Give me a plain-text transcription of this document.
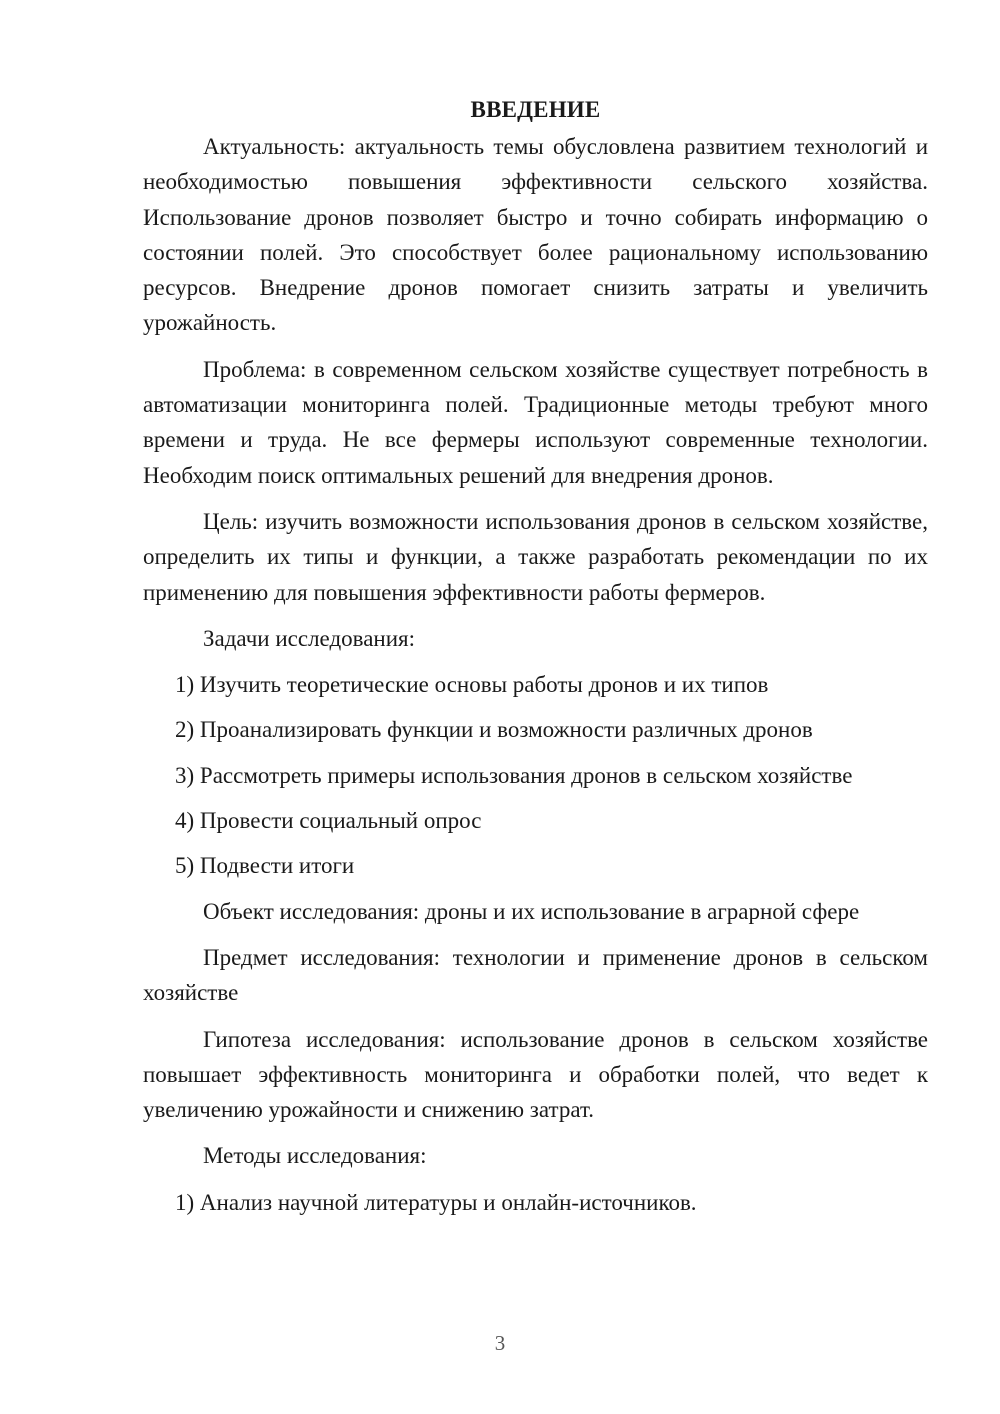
ВВЕДЕНИЕ

Актуальность: актуальность темы обусловлена развитием технологий и необходимостью повышения эффективности сельского хозяйства. Использование дронов позволяет быстро и точно собирать информацию о состоянии полей. Это способствует более рациональному использованию ресурсов. Внедрение дронов помогает снизить затраты и увеличить урожайность.

Проблема: в современном сельском хозяйстве существует потребность в автоматизации мониторинга полей. Традиционные методы требуют много времени и труда. Не все фермеры используют современные технологии. Необходим поиск оптимальных решений для внедрения дронов.

Цель: изучить возможности использования дронов в сельском хозяйстве, определить их типы и функции, а также разработать рекомендации по их применению для повышения эффективности работы фермеров.

Задачи исследования:

1) Изучить теоретические основы работы дронов и их типов
2) Проанализировать функции и возможности различных дронов
3) Рассмотреть примеры использования дронов в сельском хозяйстве
4) Провести социальный опрос
5) Подвести итоги

Объект исследования: дроны и их использование в аграрной сфере

Предмет исследования: технологии и применение дронов в сельском хозяйстве

Гипотеза исследования: использование дронов в сельском хозяйстве повышает эффективность мониторинга и обработки полей, что ведет к увеличению урожайности и снижению затрат.

Методы исследования:

1) Анализ научной литературы и онлайн-источников.
3
